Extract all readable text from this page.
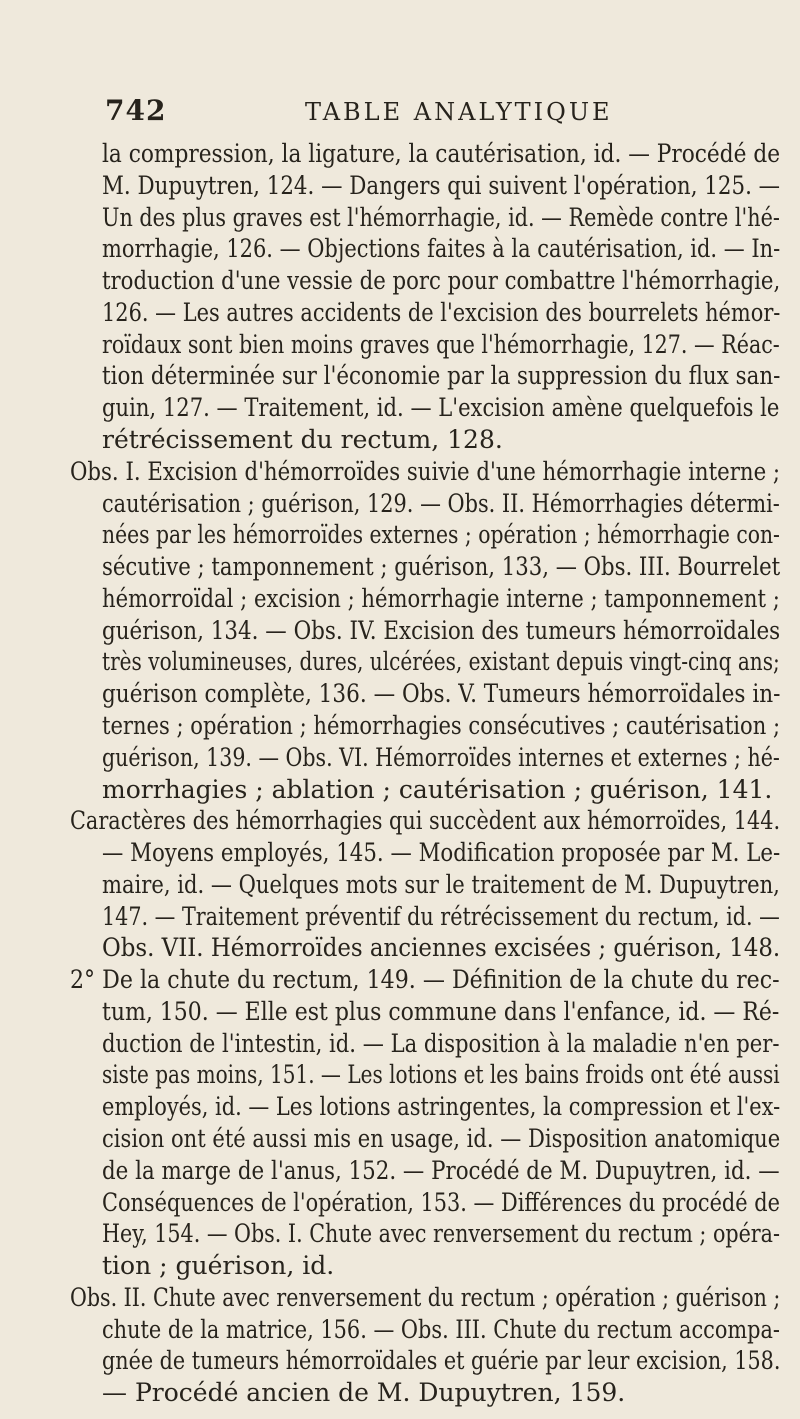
742	TABLE ANALYTIQUE
la compression, la ligature, la cautérisation, id. — Procédé de
M. Dupuytren, 124. — Dangers qui suivent l'opération, 125. —
Un des plus graves est l'hémorrhagie, id. — Remède contre l'hé-
morrhagie, 126. — Objections faites à la cautérisation, id. — In-
troduction d'une vessie de porc pour combattre l'hémorrhagie,
126. — Les autres accidents de l'excision des bourrelets hémor-
roïdaux sont bien moins graves que l'hémorrhagie, 127. — Réac-
tion déterminée sur l'économie par la suppression du flux san-
guin, 127. — Traitement, id. — L'excision amène quelquefois le
rétrécissement du rectum, 128.
Obs. I. Excision d'hémorroïdes suivie d'une hémorrhagie interne ;
cautérisation ; guérison, 129. — Obs. II. Hémorrhagies détermi-
nées par les hémorroïdes externes ; opération ; hémorrhagie con-
sécutive ; tamponnement ; guérison, 133, — Obs. III. Bourrelet
hémorroïdal ; excision ; hémorrhagie interne ; tamponnement ;
guérison, 134. — Obs. IV. Excision des tumeurs hémorroïdales
très volumineuses, dures, ulcérées, existant depuis vingt-cinq ans;
guérison complète, 136. — Obs. V. Tumeurs hémorroïdales in-
ternes ; opération ; hémorrhagies consécutives ; cautérisation ;
guérison, 139. — Obs. VI. Hémorroïdes internes et externes ; hé-
morrhagies ; ablation ; cautérisation ; guérison, 141.
Caractères des hémorrhagies qui succèdent aux hémorroïdes, 144.
— Moyens employés, 145. — Modification proposée par M. Le-
maire, id. — Quelques mots sur le traitement de M. Dupuytren,
147. — Traitement préventif du rétrécissement du rectum, id. —
Obs. VII. Hémorroïdes anciennes excisées ; guérison, 148.
2° De la chute du rectum, 149. — Définition de la chute du rec-
tum, 150. — Elle est plus commune dans l'enfance, id. — Ré-
duction de l'intestin, id. — La disposition à la maladie n'en per-
siste pas moins, 151. — Les lotions et les bains froids ont été aussi
employés, id. — Les lotions astringentes, la compression et l'ex-
cision ont été aussi mis en usage, id. — Disposition anatomique
de la marge de l'anus, 152. — Procédé de M. Dupuytren, id. —
Conséquences de l'opération, 153. — Différences du procédé de
Hey, 154. — Obs. I. Chute avec renversement du rectum ; opéra-
tion ; guérison, id.
Obs. II. Chute avec renversement du rectum ; opération ; guérison ;
chute de la matrice, 156. — Obs. III. Chute du rectum accompa-
gnée de tumeurs hémorroïdales et guérie par leur excision, 158.
— Procédé ancien de M. Dupuytren, 159.
